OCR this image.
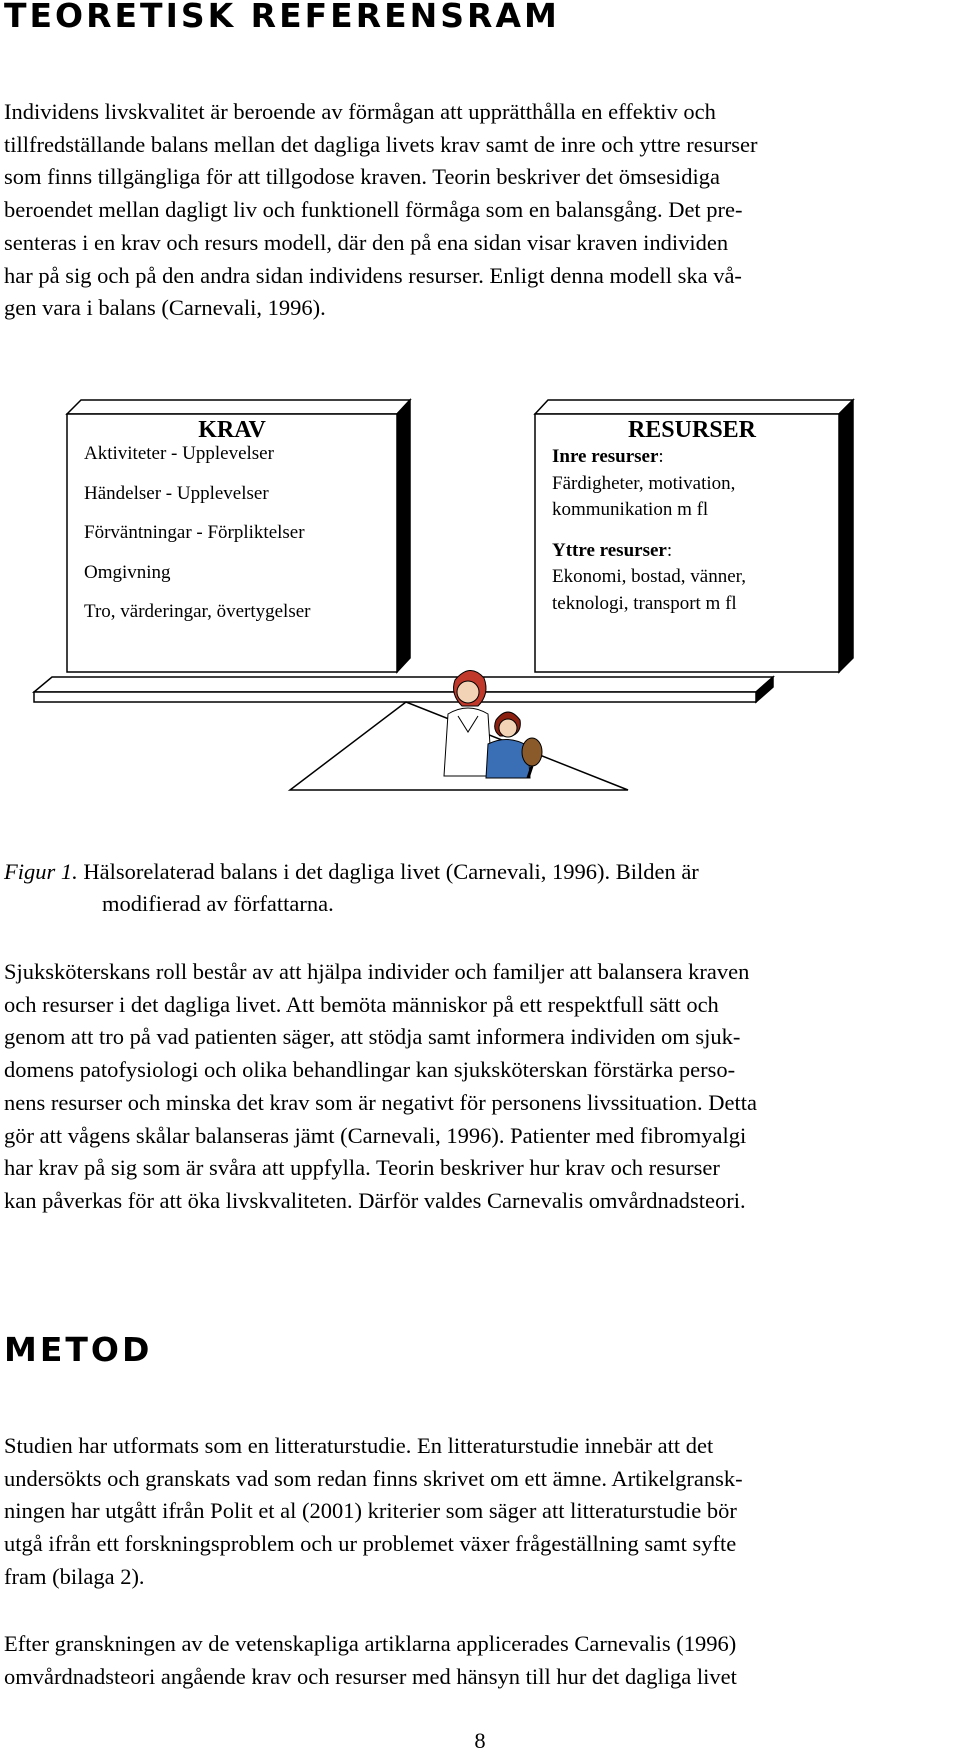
TEORETISK REFERENSRAM

Individens livskvalitet är beroende av förmågan att upprätthålla en effektiv och
tillfredställande balans mellan det dagliga livets krav samt de inre och yttre resurser
som finns tillgängliga för att tillgodose kraven. Teorin beskriver det ömsesidiga
beroendet mellan dagligt liv och funktionell förmåga som en balansgång. Det pre-
senteras i en krav och resurs modell, där den på ena sidan visar kraven individen
har på sig och på den andra sidan individens resurser. Enligt denna modell ska vå-
gen vara i balans (Carnevali, 1996).

KRAV
Aktiviteter - Upplevelser
Händelser - Upplevelser
Förväntningar - Förpliktelser
Omgivning
Tro, värderingar, övertygelser
RESURSER
Inre resurser:
Färdigheter, motivation,
kommunikation m fl
Yttre resurser:
Ekonomi, bostad, vänner,
teknologi, transport m fl
Figur 1. Hälsorelaterad balans i det dagliga livet (Carnevali, 1996). Bilden är
modifierad av författarna.

Sjuksköterskans roll består av att hjälpa individer och familjer att balansera kraven
och resurser i det dagliga livet. Att bemöta människor på ett respektfull sätt och
genom att tro på vad patienten säger, att stödja samt informera individen om sjuk-
domens patofysiologi och olika behandlingar kan sjuksköterskan förstärka perso-
nens resurser och minska det krav som är negativt för personens livssituation. Detta
gör att vågens skålar balanseras jämt (Carnevali, 1996). Patienter med fibromyalgi
har krav på sig som är svåra att uppfylla. Teorin beskriver hur krav och resurser
kan påverkas för att öka livskvaliteten. Därför valdes Carnevalis omvårdnadsteori.

METOD

Studien har utformats som en litteraturstudie. En litteraturstudie innebär att det
undersökts och granskats vad som redan finns skrivet om ett ämne. Artikelgransk-
ningen har utgått ifrån Polit et al (2001) kriterier som säger att litteraturstudie bör
utgå ifrån ett forskningsproblem och ur problemet växer frågeställning samt syfte
fram (bilaga 2).

Efter granskningen av de vetenskapliga artiklarna applicerades Carnevalis (1996)
omvårdnadsteori angående krav och resurser med hänsyn till hur det dagliga livet

8
